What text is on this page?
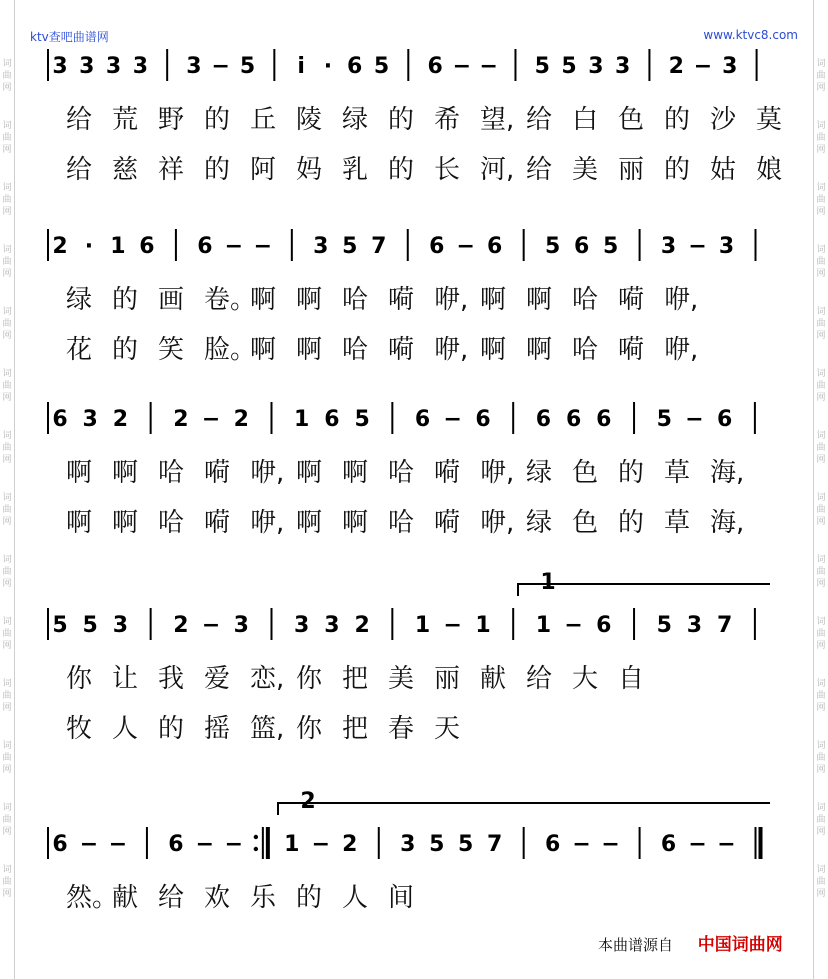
词
曲
网
词
曲
网
词
曲
网
词
曲
网
词
曲
网
词
曲
网
词
曲
网
词
曲
网
词
曲
网
词
曲
网
词
曲
网
词
曲
网
词
曲
网
词
曲
网
词
曲
网
词
曲
网
词
曲
网
词
曲
网
词
曲
网
词
曲
网
词
曲
网
词
曲
网
词
曲
网
词
曲
网
词
曲
网
词
曲
网
词
曲
网
词
曲
网
ktv查吧曲谱网	www.ktvc8.com
3 3 3 3 3 − 5 i · 6 5 6 − − 5 5 3 3 2 − 3
给 荒 野 的 丘 陵 绿 的 希 望, 给 白 色 的 沙 莫
给 慈 祥 的 阿 妈 乳 的 长 河, 给 美 丽 的 姑 娘
2 · 1 6 6 − − 3 5 7 6 − 6 5 6 5 3 − 3
绿 的 画 卷。
啊 啊 哈 嗬 咿, 啊 啊 哈 嗬 咿,
花 的 笑 脸。
啊 啊 哈 嗬 咿, 啊 啊 哈 嗬 咿,
6 3 2 2 − 2 1 6 5 6 − 6 6 6 6 5 − 6
啊 啊 哈 嗬 咿, 啊 啊 哈 嗬 咿, 绿 色 的 草 海,
啊 啊 哈 嗬 咿, 啊 啊 哈 嗬 咿, 绿 色 的 草 海,
1
5 5 3 2 − 3 3 3 2 1 − 1 1 − 6 5 3 7
你 让 我 爱 恋, 你 把 美 丽 献 给 大 自
牧 人 的 摇 篮, 你 把 春 天
2
6 − − 6 − − 1 − 2 3 5 5 7 6 − − 6 − −
然。
献 给 欢 乐 的 人 间
本曲谱源自 中国词曲网
